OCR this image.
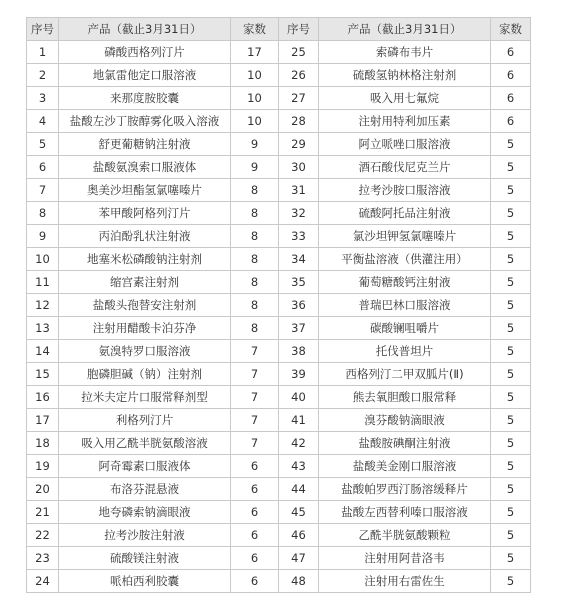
序号	产品（截止3月31日）	家数	序号	产品（截止3月31日）	家数
1	磷酸西格列汀片	17	25	索磷布韦片	6
2	地氯雷他定口服溶液	10	26	硫酸氢钠林格注射剂	6
3	来那度胺胶囊	10	27	吸入用七氟烷	6
4	盐酸左沙丁胺醇雾化吸入溶液	10	28	注射用特利加压素	6
5	舒更葡糖钠注射液	9	29	阿立哌唑口服溶液	5
6	盐酸氨溴索口服液体	9	30	酒石酸伐尼克兰片	5
7	奥美沙坦酯氢氯噻嗪片	8	31	拉考沙胺口服溶液	5
8	苯甲酸阿格列汀片	8	32	硫酸阿托品注射液	5
9	丙泊酚乳状注射液	8	33	氯沙坦钾氢氯噻嗪片	5
10	地塞米松磷酸钠注射剂	8	34	平衡盐溶液（供灌注用）	5
11	缩宫素注射剂	8	35	葡萄糖酸钙注射液	5
12	盐酸头孢替安注射剂	8	36	普瑞巴林口服溶液	5
13	注射用醋酸卡泊芬净	8	37	碳酸镧咀嚼片	5
14	氨溴特罗口服溶液	7	38	托伐普坦片	5
15	胞磷胆碱（钠）注射剂	7	39	西格列汀二甲双胍片(Ⅱ)	5
16	拉米夫定片口服常释剂型	7	40	熊去氧胆酸口服常释	5
17	利格列汀片	7	41	溴芬酸钠滴眼液	5
18	吸入用乙酰半胱氨酸溶液	7	42	盐酸胺碘酮注射液	5
19	阿奇霉素口服液体	6	43	盐酸美金刚口服溶液	5
20	布洛芬混悬液	6	44	盐酸帕罗西汀肠溶缓释片	5
21	地夸磷索钠滴眼液	6	45	盐酸左西替利嗪口服溶液	5
22	拉考沙胺注射液	6	46	乙酰半胱氨酸颗粒	5
23	硫酸镁注射液	6	47	注射用阿昔洛韦	5
24	哌柏西利胶囊	6	48	注射用右雷佐生	5
